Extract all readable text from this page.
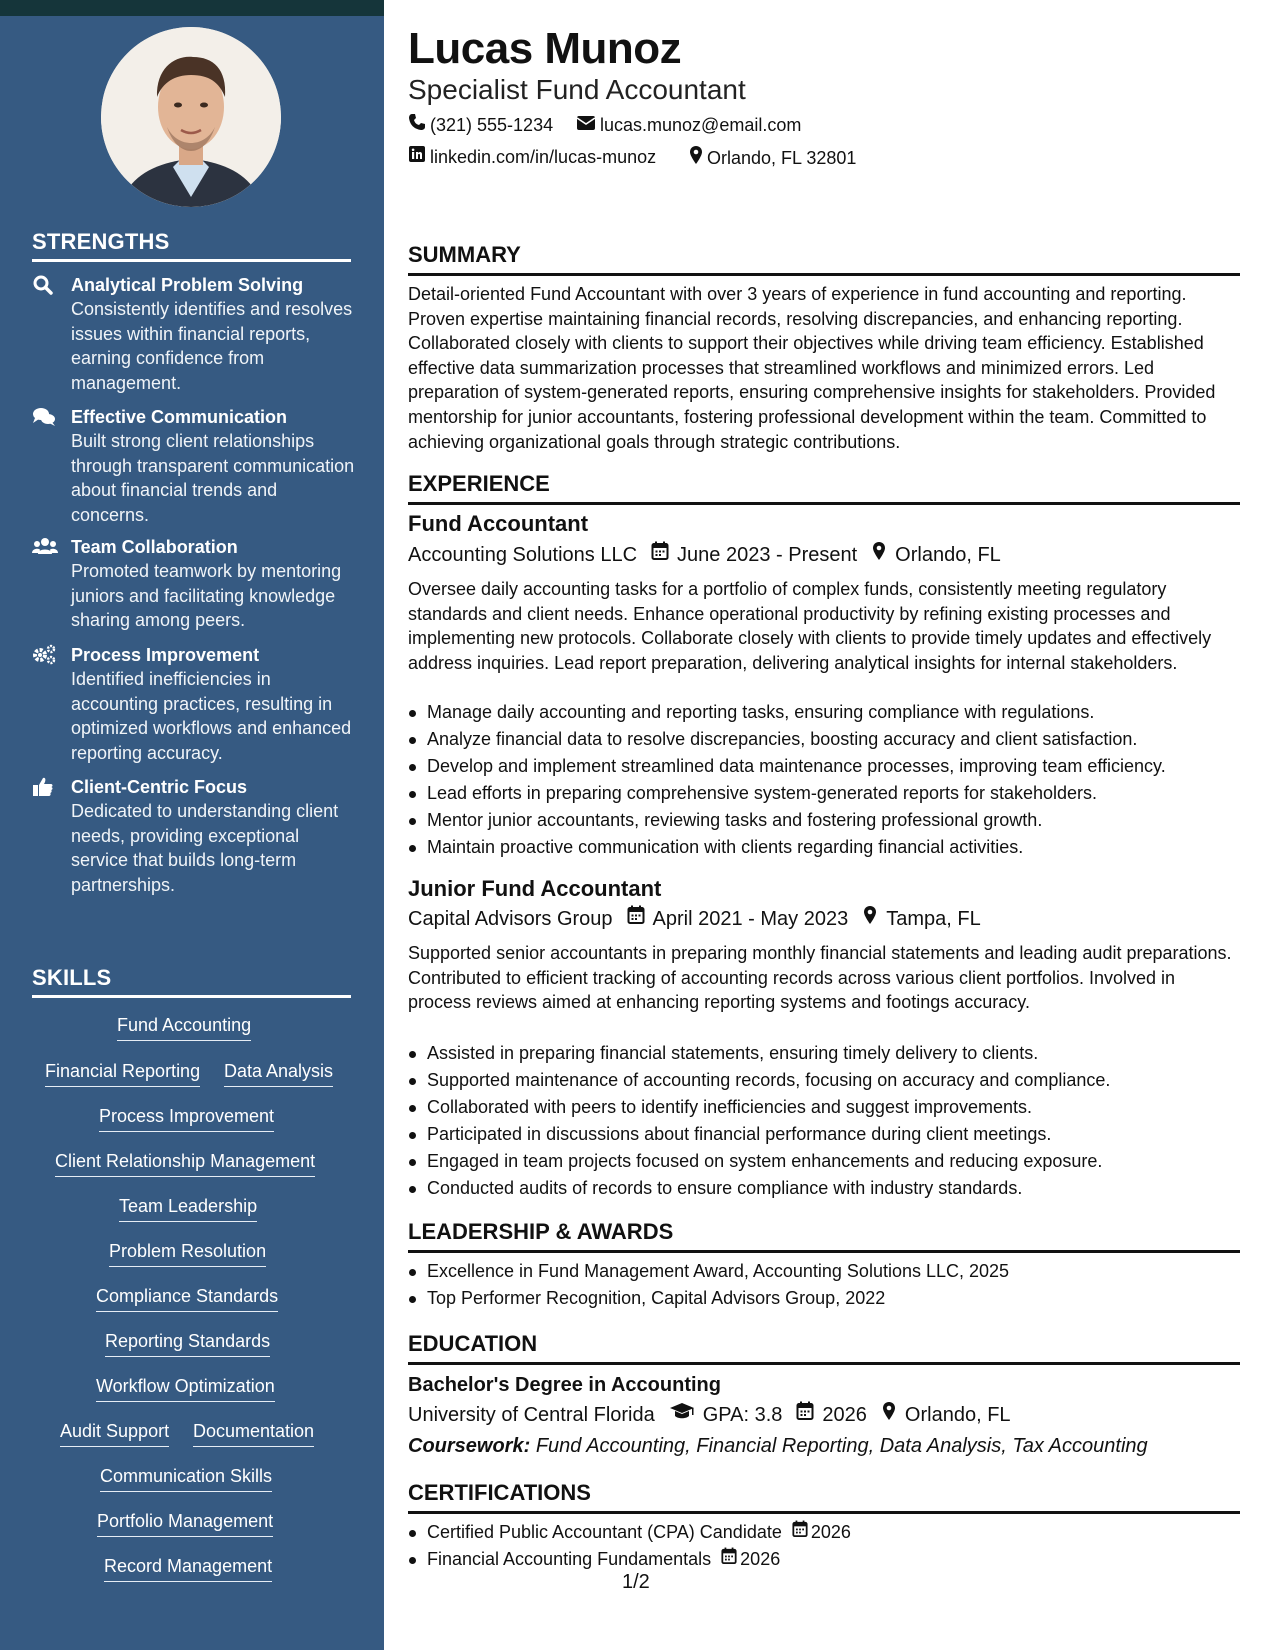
STRENGTHS
Analytical Problem Solving
Consistently identifies and resolves issues within financial reports, earning confidence from management.
Effective Communication
Built strong client relationships through transparent communication about financial trends and concerns.
Team Collaboration
Promoted teamwork by mentoring juniors and facilitating knowledge sharing among peers.
Process Improvement
Identified inefficiencies in accounting practices, resulting in optimized workflows and enhanced reporting accuracy.
Client-Centric Focus
Dedicated to understanding client needs, providing exceptional service that builds long-term partnerships.
SKILLS
Fund Accounting
Financial Reporting Data Analysis
Process Improvement
Client Relationship Management
Team Leadership
Problem Resolution
Compliance Standards
Reporting Standards
Workflow Optimization
Audit Support Documentation
Communication Skills
Portfolio Management
Record Management
Lucas Munoz
Specialist Fund Accountant
(321) 555-1234	lucas.munoz@email.com
linkedin.com/in/lucas-munoz	Orlando, FL 32801
SUMMARY
Detail-oriented Fund Accountant with over 3 years of experience in fund accounting and reporting. Proven expertise maintaining financial records, resolving discrepancies, and enhancing reporting. Collaborated closely with clients to support their objectives while driving team efficiency. Established effective data summarization processes that streamlined workflows and minimized errors. Led preparation of system-generated reports, ensuring comprehensive insights for stakeholders. Provided mentorship for junior accountants, fostering professional development within the team. Committed to achieving organizational goals through strategic contributions.
EXPERIENCE
Fund Accountant
Accounting Solutions LLC June 2023 - Present Orlando, FL
Oversee daily accounting tasks for a portfolio of complex funds, consistently meeting regulatory standards and client needs. Enhance operational productivity by refining existing processes and implementing new protocols. Collaborate closely with clients to provide timely updates and effectively address inquiries. Lead report preparation, delivering analytical insights for internal stakeholders.
Manage daily accounting and reporting tasks, ensuring compliance with regulations.
Analyze financial data to resolve discrepancies, boosting accuracy and client satisfaction.
Develop and implement streamlined data maintenance processes, improving team efficiency.
Lead efforts in preparing comprehensive system-generated reports for stakeholders.
Mentor junior accountants, reviewing tasks and fostering professional growth.
Maintain proactive communication with clients regarding financial activities.
Junior Fund Accountant
Capital Advisors Group April 2021 - May 2023 Tampa, FL
Supported senior accountants in preparing monthly financial statements and leading audit preparations. Contributed to efficient tracking of accounting records across various client portfolios. Involved in process reviews aimed at enhancing reporting systems and footings accuracy.
Assisted in preparing financial statements, ensuring timely delivery to clients.
Supported maintenance of accounting records, focusing on accuracy and compliance.
Collaborated with peers to identify inefficiencies and suggest improvements.
Participated in discussions about financial performance during client meetings.
Engaged in team projects focused on system enhancements and reducing exposure.
Conducted audits of records to ensure compliance with industry standards.
LEADERSHIP & AWARDS
Excellence in Fund Management Award, Accounting Solutions LLC, 2025
Top Performer Recognition, Capital Advisors Group, 2022
EDUCATION
Bachelor's Degree in Accounting
University of Central Florida GPA: 3.8 2026 Orlando, FL
Coursework: Fund Accounting, Financial Reporting, Data Analysis, Tax Accounting
CERTIFICATIONS
Certified Public Accountant (CPA) Candidate 2026
Financial Accounting Fundamentals 2026
1/2
